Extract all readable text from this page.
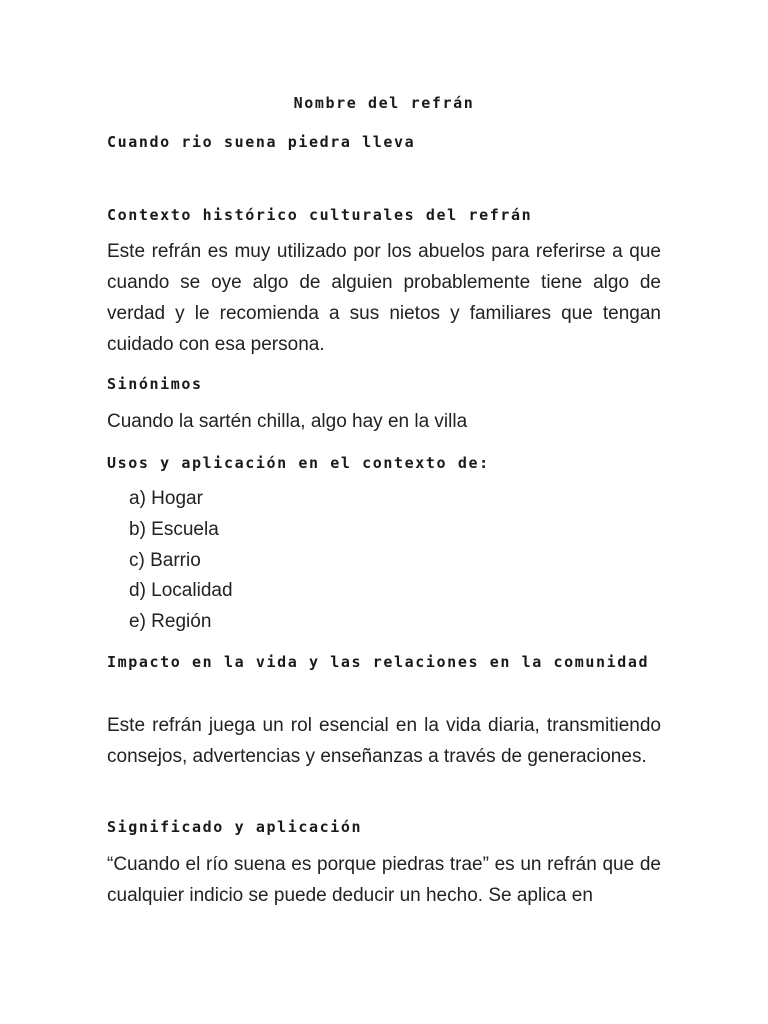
Nombre del refrán
Cuando rio suena piedra lleva
Contexto histórico culturales del refrán
Este refrán es muy utilizado por los abuelos para referirse a que cuando se oye algo de alguien probablemente tiene algo de verdad y le recomienda a sus nietos y familiares que tengan cuidado con esa persona.
Sinónimos
Cuando la sartén chilla, algo hay en la villa
Usos y aplicación en el contexto de:
a) Hogar
b) Escuela
c) Barrio
d) Localidad
e) Región
Impacto en la vida y las relaciones en la comunidad
Este refrán juega un rol esencial en la vida diaria, transmitiendo consejos, advertencias y enseñanzas a través de generaciones.
Significado y aplicación
“Cuando el río suena es porque piedras trae” es un refrán que de cualquier indicio se puede deducir un hecho. Se aplica en
